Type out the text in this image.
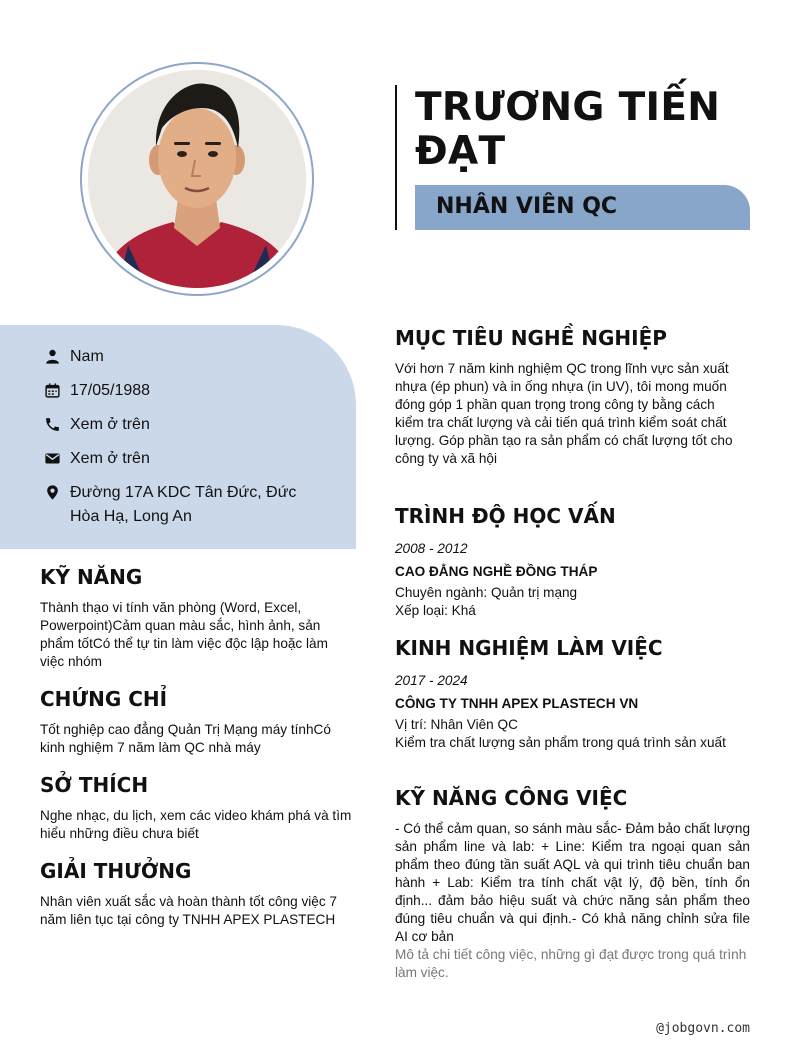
TRƯƠNG TIẾN ĐẠT
NHÂN VIÊN QC
Nam
17/05/1988
Xem ở trên
Xem ở trên
Đường 17A KDC Tân Đức, Đức Hòa Hạ, Long An
KỸ NĂNG
Thành thạo vi tính văn phòng (Word, Excel, Powerpoint)Cảm quan màu sắc, hình ảnh, sản phẩm tốtCó thể tự tin làm việc độc lập hoặc làm việc nhóm
CHỨNG CHỈ
Tốt nghiệp cao đẳng Quản Trị Mạng máy tínhCó kinh nghiệm 7 năm làm QC nhà máy
SỞ THÍCH
Nghe nhạc, du lịch, xem các video khám phá và tìm hiểu những điều chưa biết
GIẢI THƯỞNG
Nhân viên xuất sắc và hoàn thành tốt công việc 7 năm liên tục tại công ty TNHH APEX PLASTECH
MỤC TIÊU NGHỀ NGHIỆP
Với hơn 7 năm kinh nghiệm QC trong lĩnh vực sản xuất nhựa (ép phun) và in ống nhựa (in UV), tôi mong muốn đóng góp 1 phần quan trọng trong công ty bằng cách kiểm tra chất lượng và cải tiến quá trình kiểm soát chất lượng. Góp phần tạo ra sản phẩm có chất lượng tốt cho công ty và xã hội
TRÌNH ĐỘ HỌC VẤN
2008 - 2012
CAO ĐẲNG NGHỀ ĐỒNG THÁP
Chuyên ngành: Quản trị mạng
Xếp loại: Khá
KINH NGHIỆM LÀM VIỆC
2017 - 2024
CÔNG TY TNHH APEX PLASTECH VN
Vị trí: Nhân Viên QC
Kiểm tra chất lượng sản phẩm trong quá trình sản xuất
KỸ NĂNG CÔNG VIỆC
- Có thể cảm quan, so sánh màu sắc- Đảm bảo chất lượng sản phẩm line và lab: + Line: Kiểm tra ngoại quan sản phẩm theo đúng tần suất AQL và qui trình tiêu chuẩn ban hành + Lab: Kiểm tra tính chất vật lý, độ bền, tính ổn định... đảm bảo hiệu suất và chức năng sản phẩm theo đúng tiêu chuẩn và qui định.- Có khả năng chỉnh sửa file AI cơ bản
Mô tả chi tiết công việc, những gì đạt được trong quá trình làm việc.
@jobgovn.com
